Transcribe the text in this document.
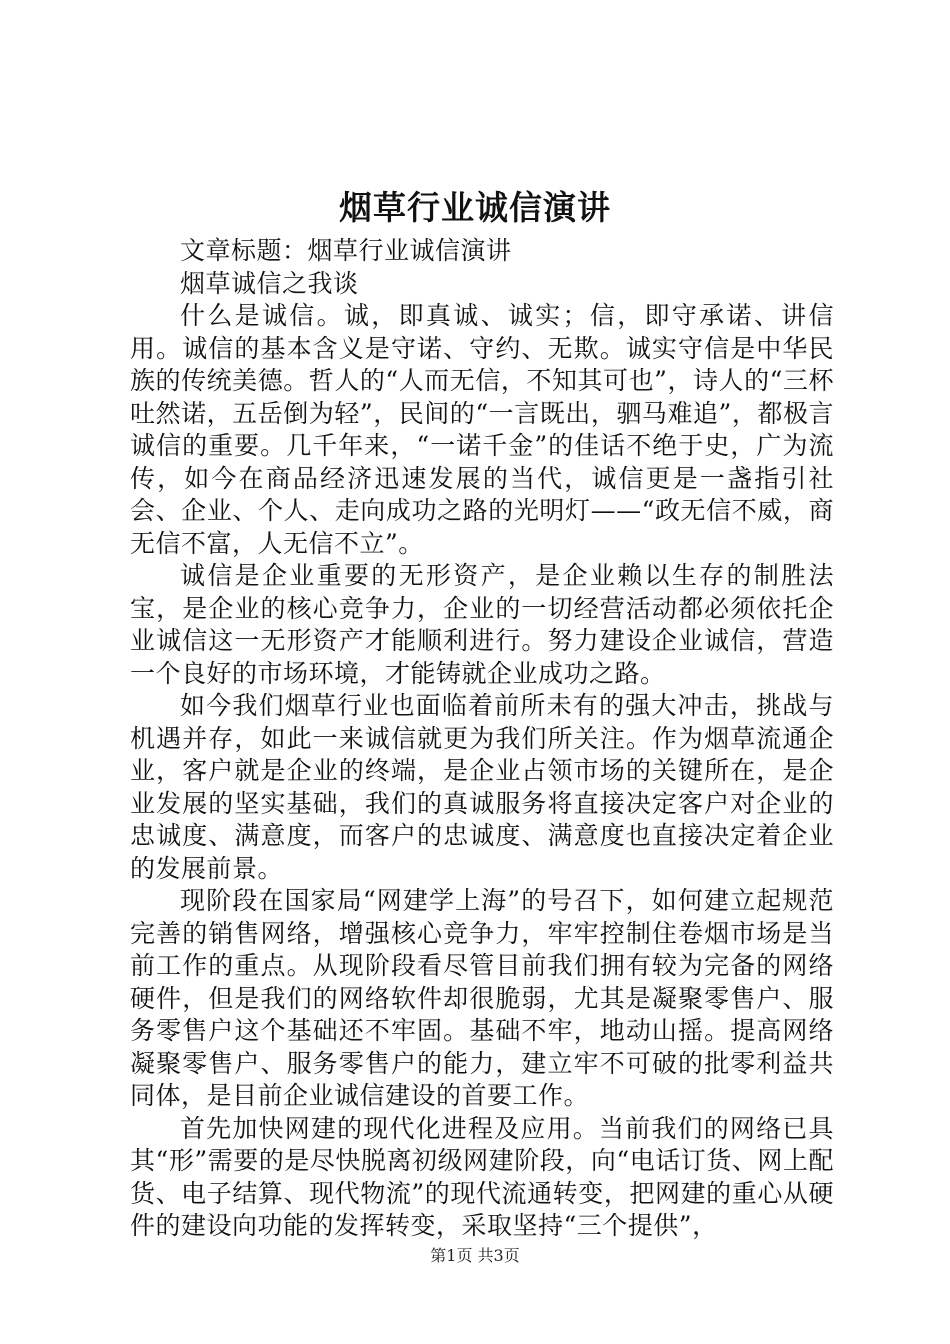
烟草行业诚信演讲

文章标题：烟草行业诚信演讲

烟草诚信之我谈

什么是诚信。诚，即真诚、诚实；信，即守承诺、讲信用。诚信的基本含义是守诺、守约、无欺。诚实守信是中华民族的传统美德。哲人的“人而无信，不知其可也”，诗人的“三杯吐然诺，五岳倒为轻”，民间的“一言既出，驷马难追”，都极言诚信的重要。几千年来，“一诺千金”的佳话不绝于史，广为流传，如今在商品经济迅速发展的当代，诚信更是一盏指引社会、企业、个人、走向成功之路的光明灯——“政无信不威，商无信不富，人无信不立”。

诚信是企业重要的无形资产，是企业赖以生存的制胜法宝，是企业的核心竞争力，企业的一切经营活动都必须依托企业诚信这一无形资产才能顺利进行。努力建设企业诚信，营造一个良好的市场环境，才能铸就企业成功之路。

如今我们烟草行业也面临着前所未有的强大冲击，挑战与机遇并存，如此一来诚信就更为我们所关注。作为烟草流通企业，客户就是企业的终端，是企业占领市场的关键所在，是企业发展的坚实基础，我们的真诚服务将直接决定客户对企业的忠诚度、满意度，而客户的忠诚度、满意度也直接决定着企业的发展前景。

现阶段在国家局“网建学上海”的号召下，如何建立起规范完善的销售网络，增强核心竞争力，牢牢控制住卷烟市场是当前工作的重点。从现阶段看尽管目前我们拥有较为完备的网络硬件，但是我们的网络软件却很脆弱，尤其是凝聚零售户、服务零售户这个基础还不牢固。基础不牢，地动山摇。提高网络凝聚零售户、服务零售户的能力，建立牢不可破的批零利益共同体，是目前企业诚信建设的首要工作。

首先加快网建的现代化进程及应用。当前我们的网络已具其“形”需要的是尽快脱离初级网建阶段，向“电话订货、网上配货、电子结算、现代物流”的现代流通转变，把网建的重心从硬件的建设向功能的发挥转变，采取坚持“三个提供”，

第1页 共3页
